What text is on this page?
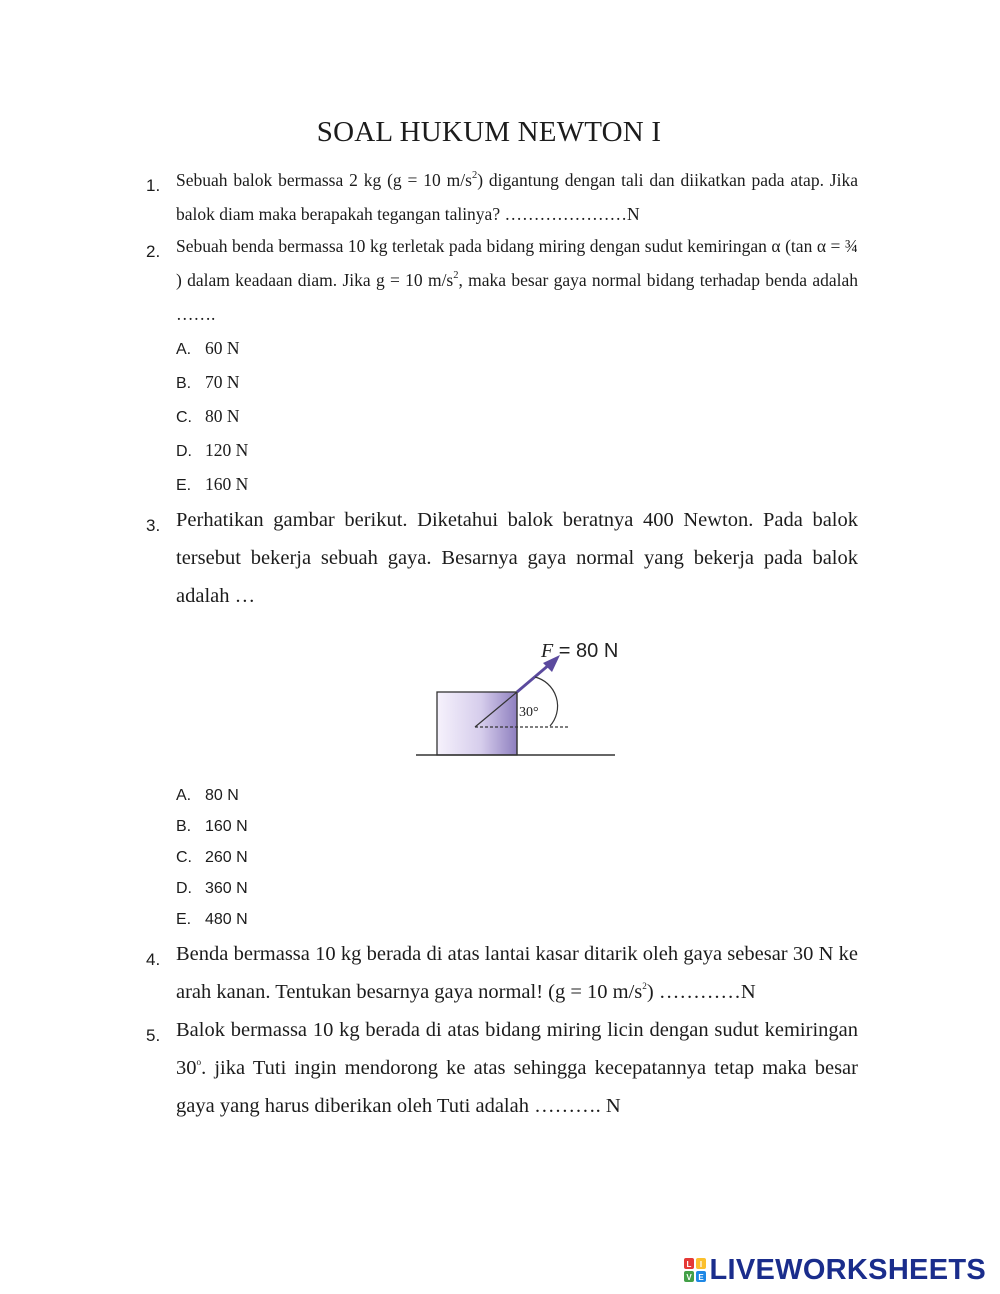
SOAL HUKUM NEWTON I
1. Sebuah balok bermassa 2 kg (g = 10 $m/s^2$) digantung dengan tali dan diikatkan pada atap. Jika balok diam maka berapakah tegangan talinya? …………………N
2. Sebuah benda bermassa 10 kg terletak pada bidang miring dengan sudut kemiringan α (tan α = ¾ ) dalam keadaan diam. Jika g = 10 $m/s^2$, maka besar gaya normal bidang terhadap benda adalah …….
A. 60 N
B. 70 N
C. 80 N
D. 120 N
E. 160 N
3. Perhatikan gambar berikut. Diketahui balok beratnya 400 Newton. Pada balok tersebut bekerja sebuah gaya. Besarnya gaya normal yang bekerja pada balok adalah …
30°
F = 80 N
A. 80 N
B. 160 N
C. 260 N
D. 360 N
E. 480 N
4. Benda bermassa 10 kg berada di atas lantai kasar ditarik oleh gaya sebesar 30 N ke arah kanan. Tentukan besarnya gaya normal! (g = 10 $m/s^2$) …………N
5. Balok bermassa 10 kg berada di atas bidang miring licin dengan sudut kemiringan 30$^o$. jika Tuti ingin mendorong ke atas sehingga kecepatannya tetap maka besar gaya yang harus diberikan oleh Tuti adalah ………. N
L I
V E LIVEWORKSHEETS
